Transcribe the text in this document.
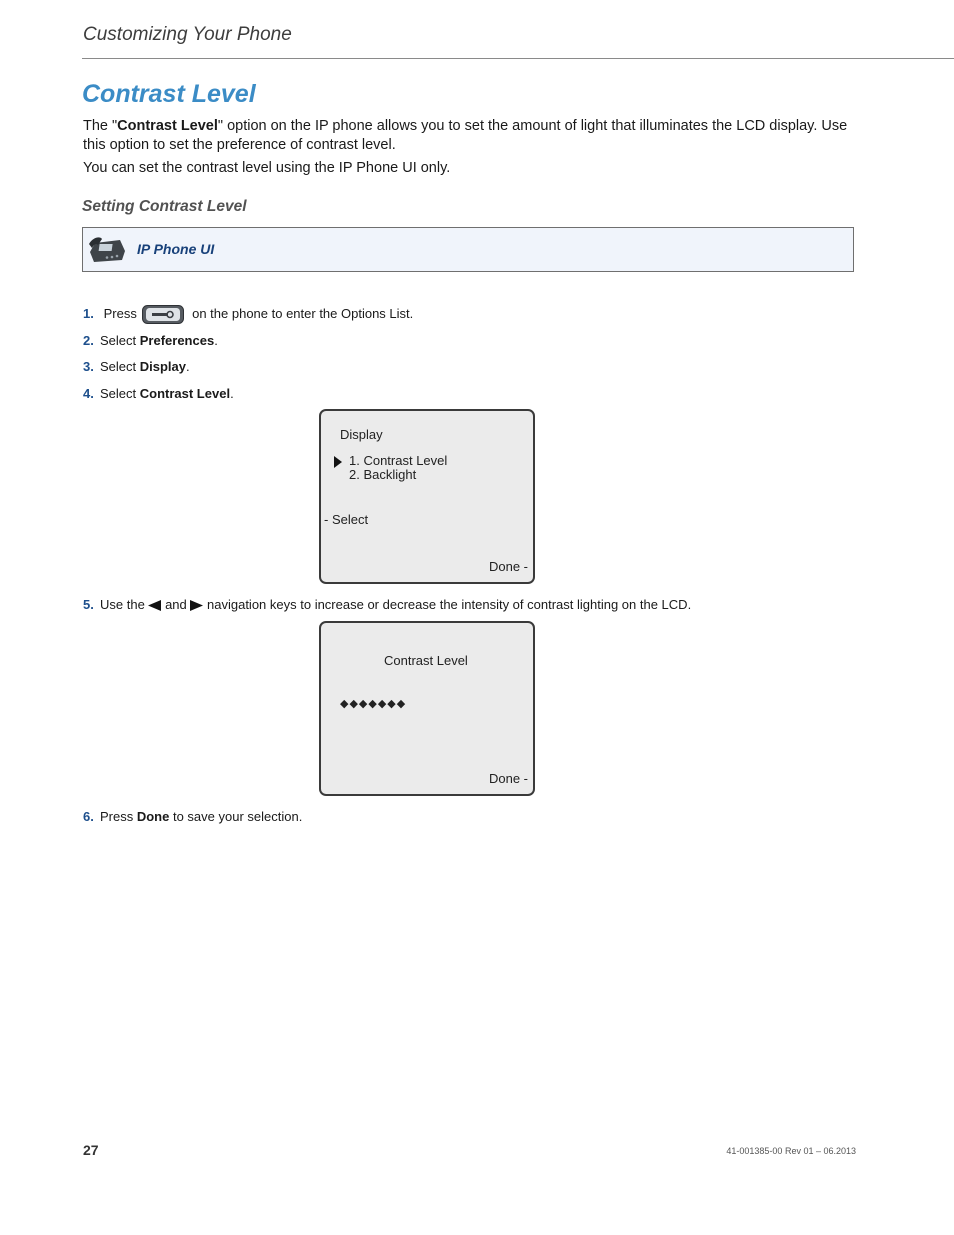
Customizing Your Phone
Contrast Level

The "Contrast Level" option on the IP phone allows you to set the amount of light that illuminates the LCD display. Use this option to set the preference of contrast level.

You can set the contrast level using the IP Phone UI only.

Setting Contrast Level
IP Phone UI
1. Press	on the phone to enter the Options List.
2. Select Preferences.
3. Select Display.
4. Select Contrast Level.
Display
1. Contrast Level
2. Backlight
- Select
Done -
5. Use the and navigation keys to increase or decrease the intensity of contrast lighting on the LCD.
Contrast Level
◆◆◆◆◆◆◆
Done -
6. Press Done to save your selection.
27	41-001385-00 Rev 01 – 06.2013
